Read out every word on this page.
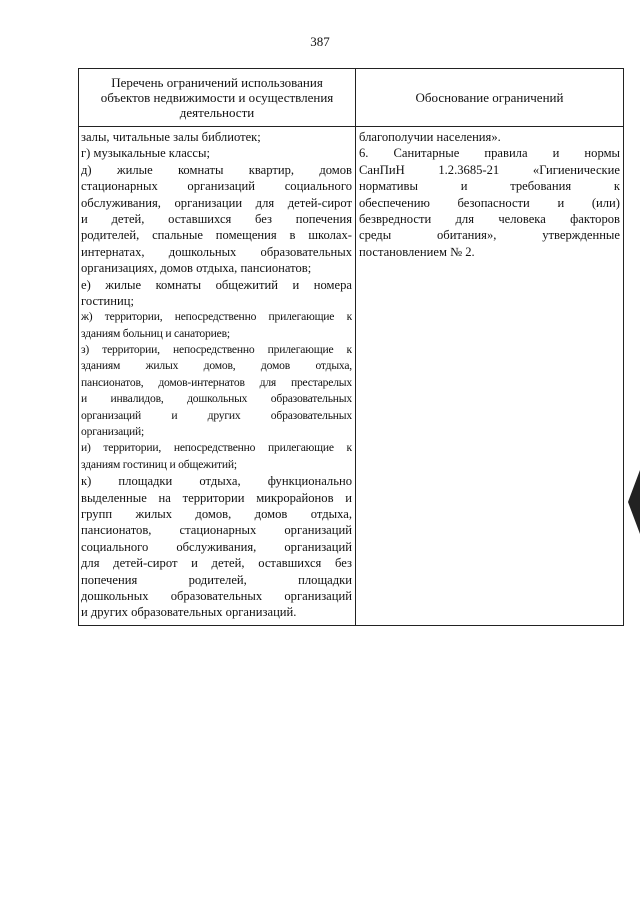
387
Перечень ограничений использования объектов недвижимости и осуществления деятельности
Обоснование ограничений
залы, читальные залы библиотек;
г) музыкальные классы;
д) жилые комнаты квартир, домов
стационарных организаций социального
обслуживания, организации для детей-сирот
и детей, оставшихся без попечения
родителей, спальные помещения в школах-
интернатах, дошкольных образовательных
организациях, домов отдыха, пансионатов;
е) жилые комнаты общежитий и номера
гостиниц;
ж) территории, непосредственно прилегающие к
зданиям больниц и санаториев;
з) территории, непосредственно прилегающие к
зданиям жилых домов, домов отдыха,
пансионатов, домов-интернатов для престарелых
и инвалидов, дошкольных образовательных
организаций и других образовательных
организаций;
и) территории, непосредственно прилегающие к
зданиям гостиниц и общежитий;
к) площадки отдыха, функционально
выделенные на территории микрорайонов и
групп жилых домов, домов отдыха,
пансионатов, стационарных организаций
социального обслуживания, организаций
для детей-сирот и детей, оставшихся без
попечения родителей, площадки
дошкольных образовательных организаций
и других образовательных организаций.
благополучии населения».
6. Санитарные правила и нормы
СанПиН 1.2.3685-21 «Гигиенические
нормативы и требования к
обеспечению безопасности и (или)
безвредности для человека факторов
среды обитания», утвержденные
постановлением № 2.
